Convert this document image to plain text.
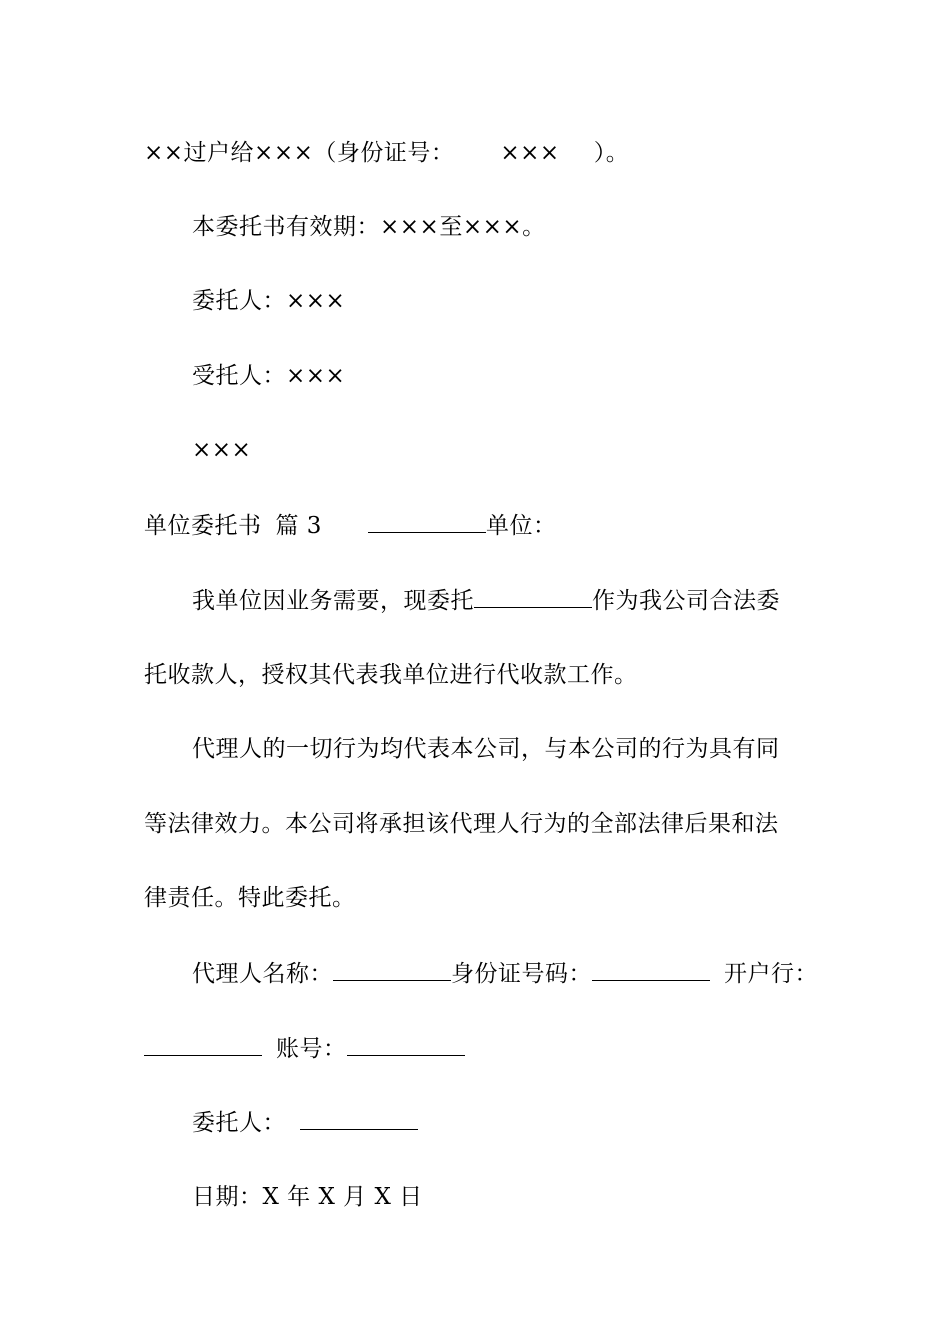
××过户给×××（身份证号： ××× ）。
本委托书有效期：×××至×××。
委托人：×××
受托人：×××
×××
单位委托书 篇 3	单位：
我单位因业务需要，现委托	作为我公司合法委
托收款人，授权其代表我单位进行代收款工作。
代理人的一切行为均代表本公司，与本公司的行为具有同
等法律效力。本公司将承担该代理人行为的全部法律后果和法
律责任。特此委托。
代理人名称：	身份证号码：	开户行：
账号：
委托人：
日期：X 年 X 月 X 日
